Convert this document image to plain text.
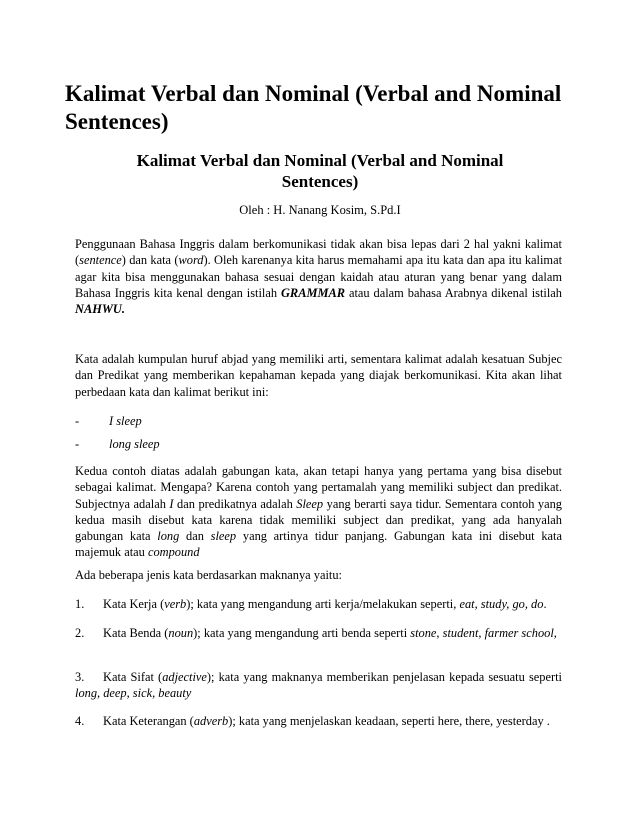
Kalimat Verbal dan Nominal (Verbal and Nominal Sentences)
Kalimat Verbal dan Nominal (Verbal and Nominal Sentences)
Oleh : H. Nanang Kosim, S.Pd.I

Penggunaan Bahasa Inggris dalam berkomunikasi tidak akan bisa lepas dari 2 hal yakni kalimat (sentence) dan kata (word). Oleh karenanya kita harus memahami apa itu kata dan apa itu kalimat agar kita bisa menggunakan bahasa sesuai dengan kaidah atau aturan yang benar yang dalam Bahasa Inggris kita kenal dengan istilah GRAMMAR atau dalam bahasa Arabnya dikenal istilah NAHWU.

Kata adalah kumpulan huruf abjad yang memiliki arti, sementara kalimat adalah kesatuan Subjec dan Predikat yang memberikan kepahaman kepada yang diajak berkomunikasi. Kita akan lihat perbedaan kata dan kalimat berikut ini:

- I sleep
- long sleep

Kedua contoh diatas adalah gabungan kata, akan tetapi hanya yang pertama yang bisa disebut sebagai kalimat. Mengapa? Karena contoh yang pertamalah yang memiliki subject dan predikat. Subjectnya adalah I dan predikatnya adalah Sleep yang berarti saya tidur. Sementara contoh yang kedua masih disebut kata karena tidak memiliki subject dan predikat, yang ada hanyalah gabungan kata long dan sleep yang artinya tidur panjang. Gabungan kata ini disebut kata majemuk atau compound

Ada beberapa jenis kata berdasarkan maknanya yaitu:

1.	Kata Kerja (verb); kata yang mengandung arti kerja/melakukan seperti, eat, study, go, do.
2.	Kata Benda (noun); kata yang mengandung arti benda seperti stone, student, farmer school,
3.	Kata Sifat (adjective); kata yang maknanya memberikan penjelasan kepada sesuatu seperti long, deep, sick, beauty
4.	Kata Keterangan (adverb); kata yang menjelaskan keadaan, seperti here, there, yesterday .
